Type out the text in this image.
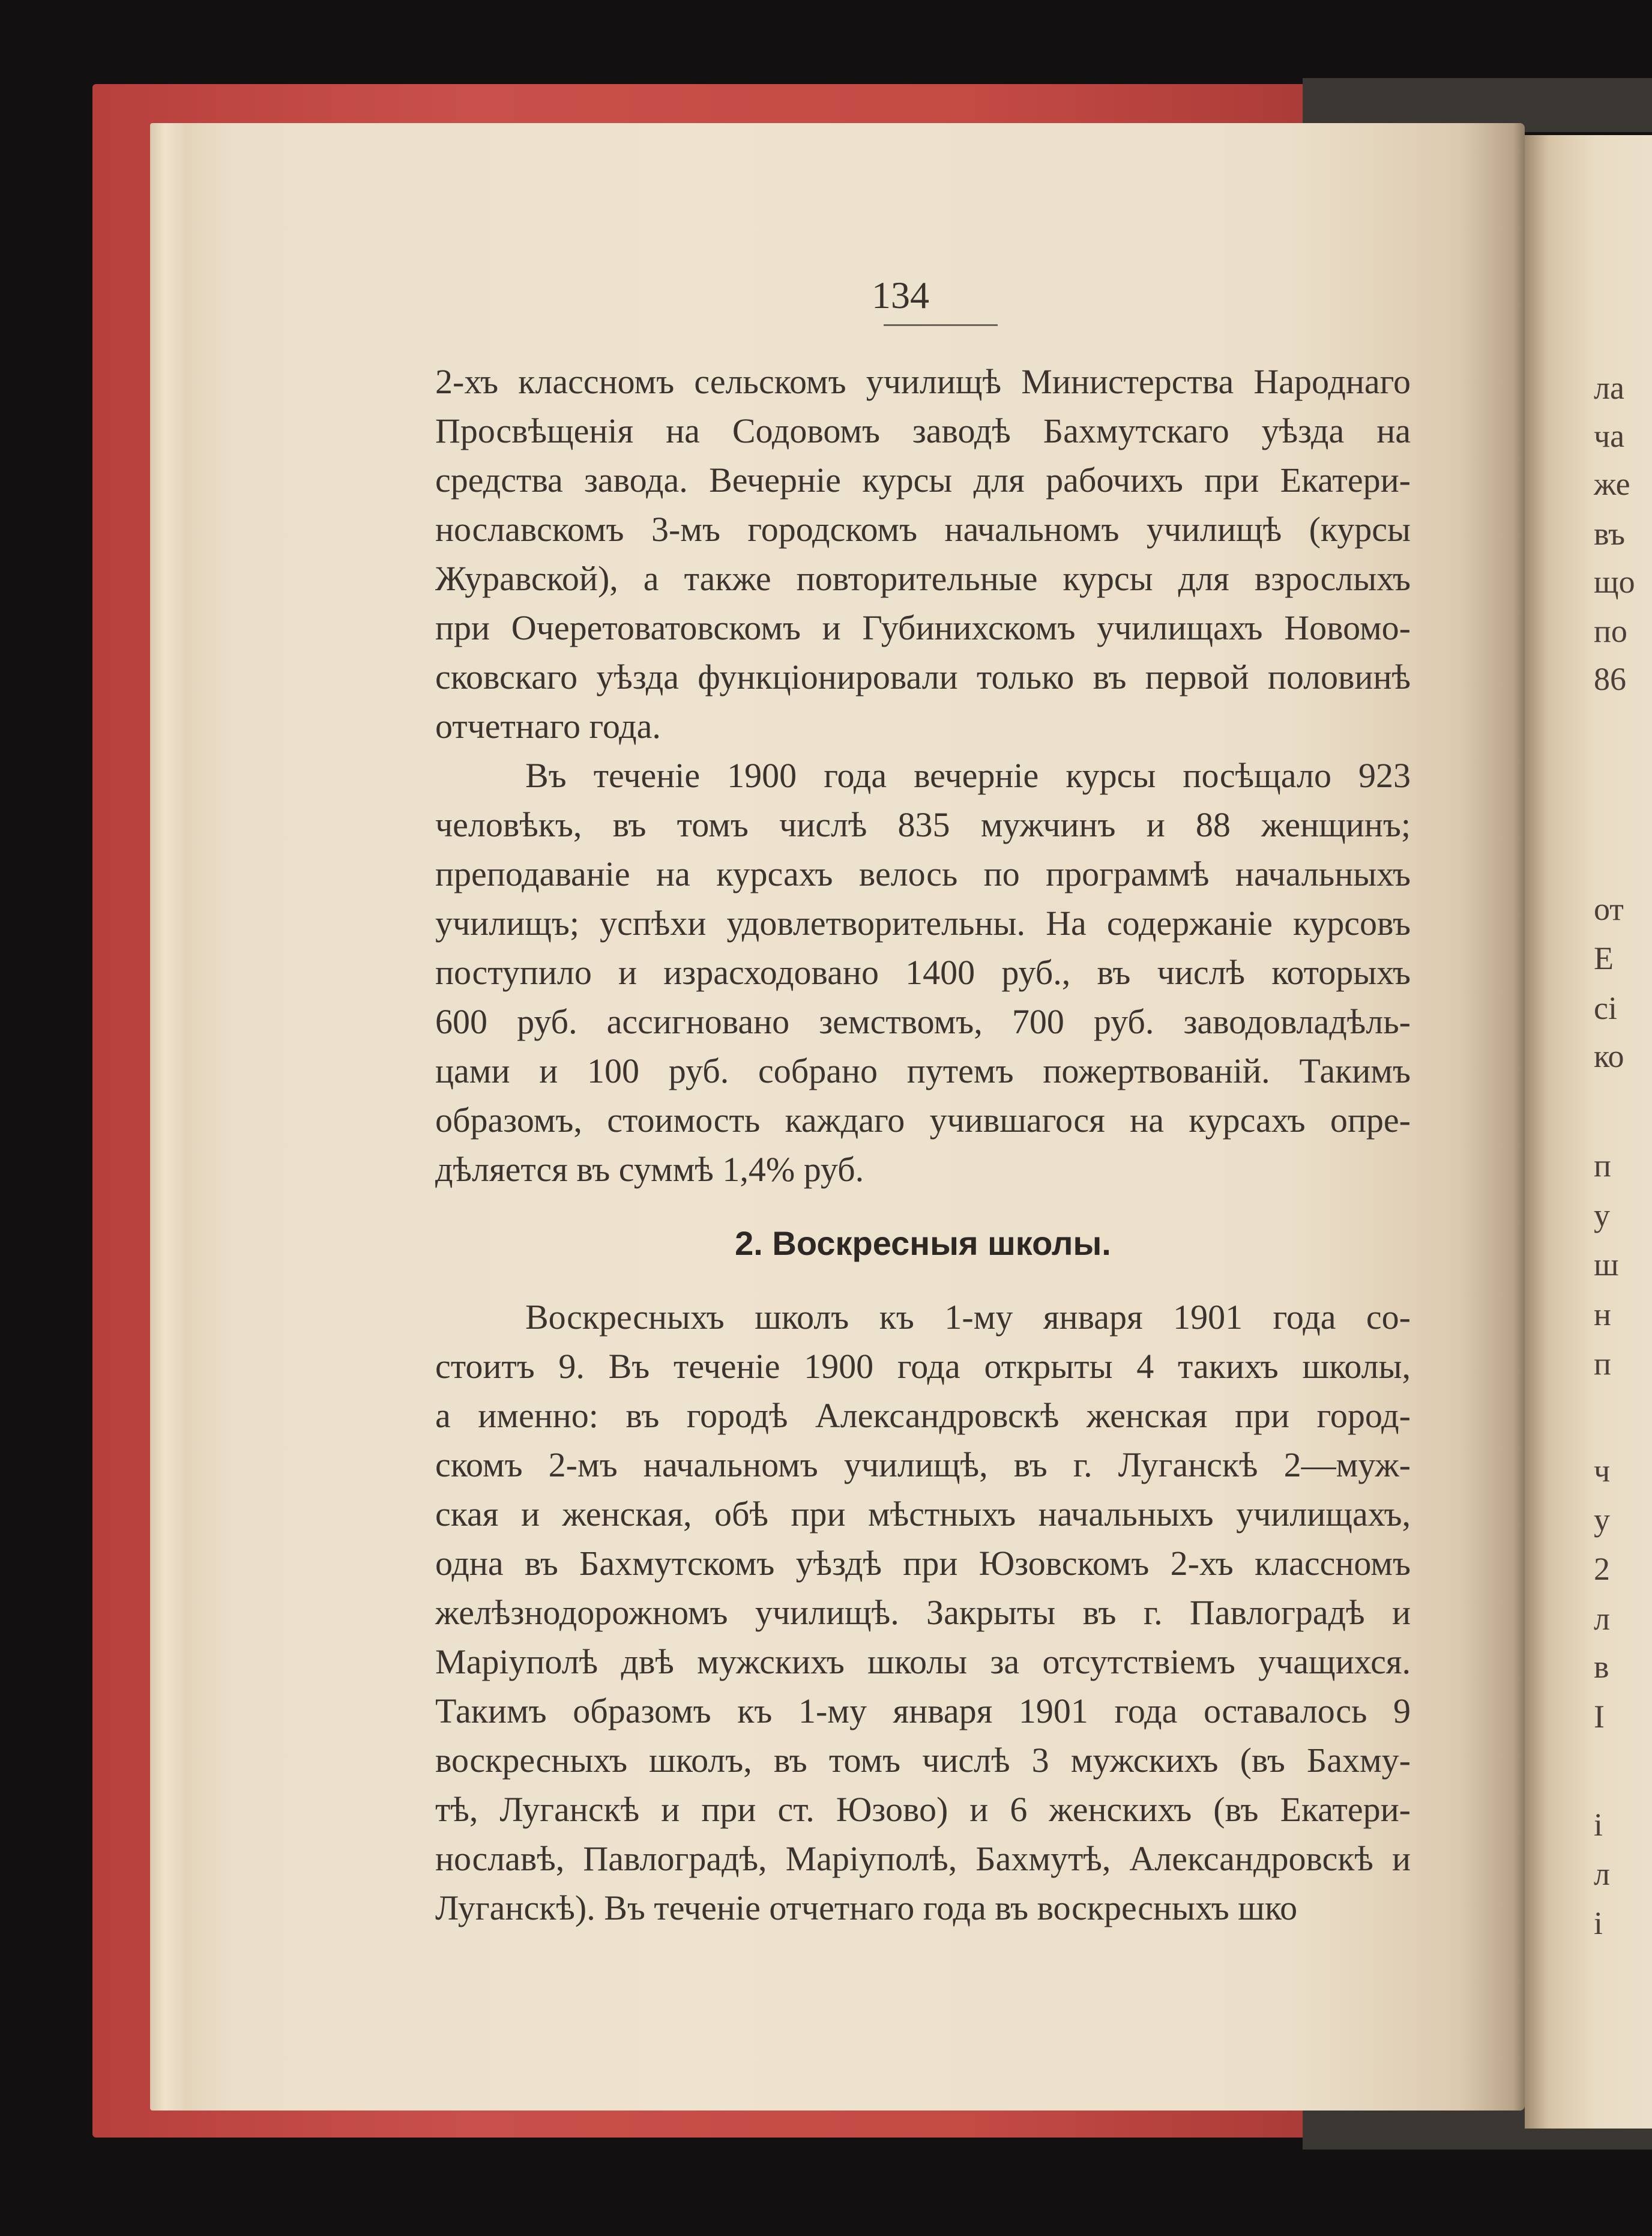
134
2-хъ классномъ сельскомъ училищѣ Министерства Народнаго
Просвѣщенія на Содовомъ заводѣ Бахмутскаго уѣзда на
средства завода. Вечерніе курсы для рабочихъ при Екатери-
нославскомъ 3-мъ городскомъ начальномъ училищѣ (курсы
Журавской), а также повторительные курсы для взрослыхъ
при Очеретоватовскомъ и Губинихскомъ училищахъ Новомо-
сковскаго уѣзда функціонировали только въ первой половинѣ
отчетнаго года.
Въ теченіе 1900 года вечерніе курсы посѣщало 923
человѣкъ, въ томъ числѣ 835 мужчинъ и 88 женщинъ;
преподаваніе на курсахъ велось по программѣ начальныхъ
училищъ; успѣхи удовлетворительны. На содержаніе курсовъ
поступило и израсходовано 1400 руб., въ числѣ которыхъ
600 руб. ассигновано земствомъ, 700 руб. заводовладѣль-
цами и 100 руб. собрано путемъ пожертвованій. Такимъ
образомъ, стоимость каждаго учившагося на курсахъ опре-
дѣляется въ суммѣ 1,4% руб.
2. Воскресныя школы.
Воскресныхъ школъ къ 1-му января 1901 года со-
стоитъ 9. Въ теченіе 1900 года открыты 4 такихъ школы,
а именно: въ городѣ Александровскѣ женская при город-
скомъ 2-мъ начальномъ училищѣ, въ г. Луганскѣ 2—муж-
ская и женская, обѣ при мѣстныхъ начальныхъ училищахъ,
одна въ Бахмутскомъ уѣздѣ при Юзовскомъ 2-хъ классномъ
желѣзнодорожномъ училищѣ. Закрыты въ г. Павлоградѣ и
Маріуполѣ двѣ мужскихъ школы за отсутствіемъ учащихся.
Такимъ образомъ къ 1-му января 1901 года оставалось 9
воскресныхъ школъ, въ томъ числѣ 3 мужскихъ (въ Бахму-
тѣ, Луганскѣ и при ст. Юзово) и 6 женскихъ (въ Екатери-
нославѣ, Павлоградѣ, Маріуполѣ, Бахмутѣ, Александровскѣ и
Луганскѣ). Въ теченіе отчетнаго года въ воскресныхъ шко
ла
ча
же
въ
що
по
86
от
Е
сі
ко
п
у
ш
н
п
ч
у
2
л
в
І
і
л
і
